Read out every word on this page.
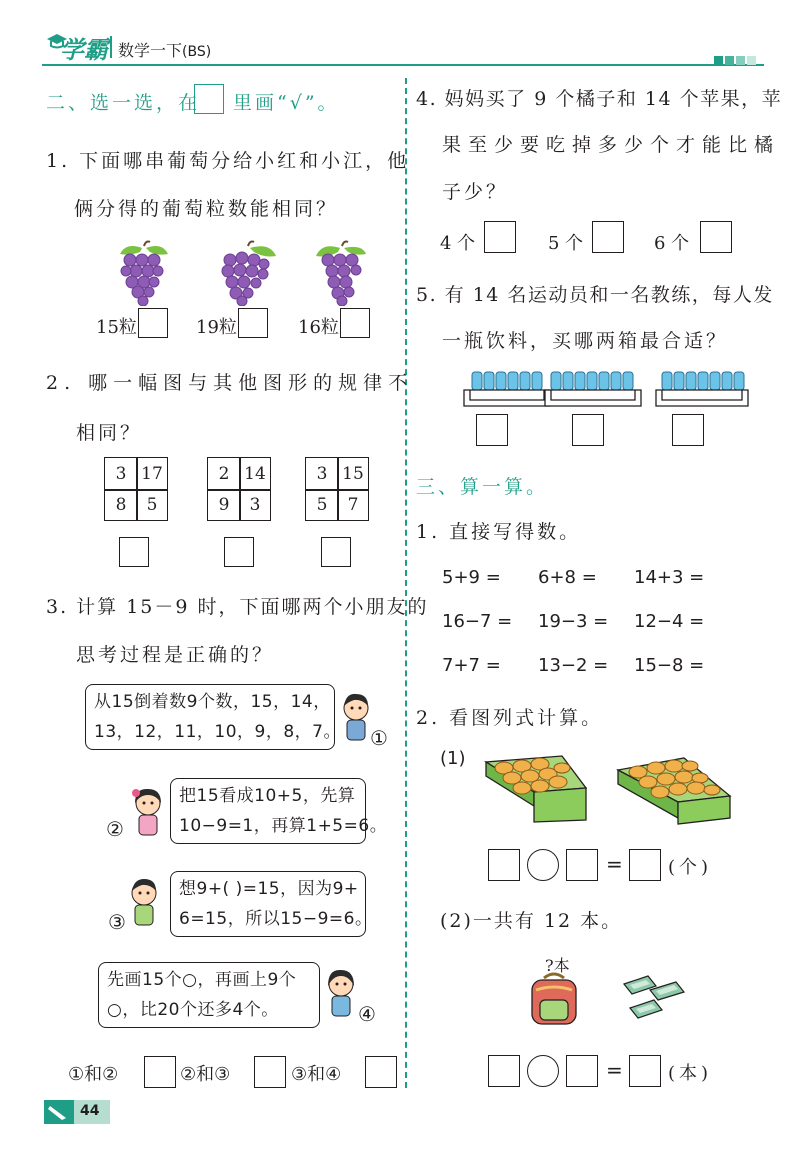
学霸 数学一下(BS)
二、选一选，在 里画“√”。
1. 下面哪串葡萄分给小红和小江，他
俩分得的葡萄粒数能相同？
15粒	19粒	16粒
2. 哪一幅图与其他图形的规律不
相同？
3 17
8	5
2 14
9	3
3 15
5	7
3. 计算 15－9 时，下面哪两个小朋友的
思考过程是正确的？
从15倒着数9个数，15，14，
13，12，11，10，9，8，7。 ①
②
把15看成10+5，先算
10−9=1，再算1+5=6。
③
想9+( )=15，因为9+
6=15，所以15−9=6。
先画15个○，再画上9个
○，比20个还多4个。	④
①和②	②和③	③和④
4. 妈妈买了 9 个橘子和 14 个苹果，苹
果至少要吃掉多少个才能比橘
子少？
4 个	5 个	6 个
5. 有 14 名运动员和一名教练，每人发
一瓶饮料，买哪两箱最合适？
三、算一算。
1. 直接写得数。
5+9 = 6+8 = 14+3 =
16−7 = 19−3 = 12−4 =
7+7 = 13−2 = 15−8 =
2. 看图列式计算。
(1)
=	(个)
(2)一共有 12 本。
?本
=	(本)
44
